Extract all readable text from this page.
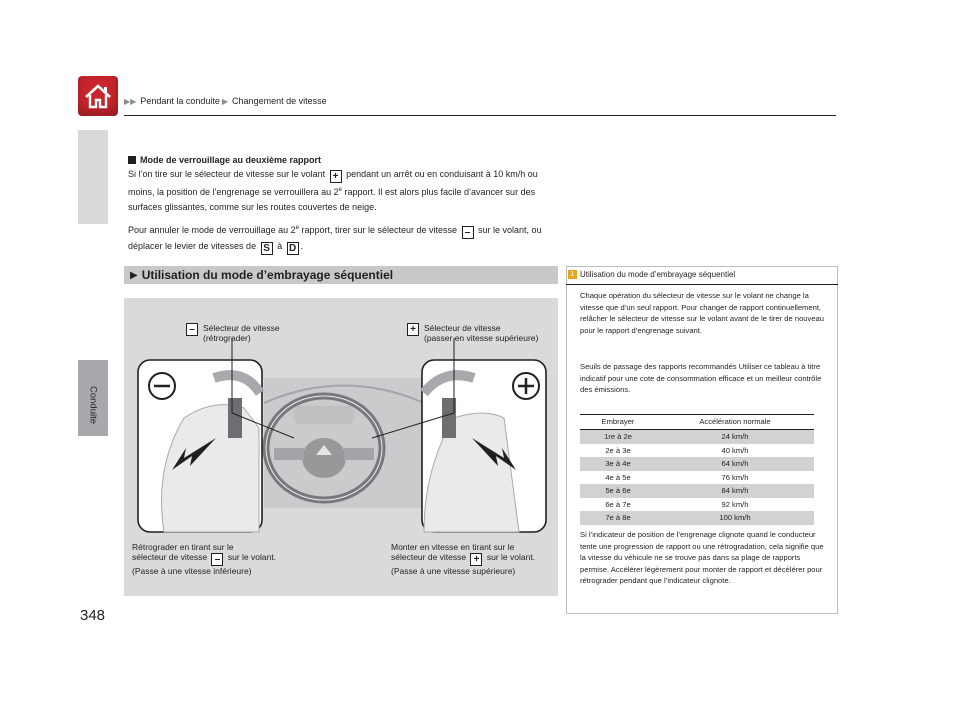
▶▶ Pendant la conduite ▶ Changement de vitesse
Conduite
348
Mode de verrouillage au deuxième rapport
Si l’on tire sur le sélecteur de vitesse sur le volant + pendant un arrêt ou en conduisant à 10 km/h ou moins, la position de l’engrenage se verrouillera au 2e rapport. Il est alors plus facile d’avancer sur des surfaces glissantes, comme sur les routes couvertes de neige.
Pour annuler le mode de verrouillage au 2e rapport, tirer sur le sélecteur de vitesse – sur le volant, ou déplacer le levier de vitesses de S à D .
▶ Utilisation du mode d’embrayage séquentiel
– Sélecteur de vitesse
(rétrograder)
+ Sélecteur de vitesse
(passer en vitesse supérieure)
Rétrograder en tirant sur le
sélecteur de vitesse – sur le volant.
(Passe à une vitesse inférieure)
Monter en vitesse en tirant sur le
sélecteur de vitesse + sur le volant.
(Passe à une vitesse supérieure)
1 Utilisation du mode d’embrayage séquentiel
Chaque opération du sélecteur de vitesse sur le volant ne change la vitesse que d’un seul rapport. Pour changer de rapport continuellement, relâcher le sélecteur de vitesse sur le volant avant de le tirer de nouveau pour le rapport d’engrenage suivant.
Seuils de passage des rapports recommandés Utiliser ce tableau à titre indicatif pour une cote de consommation efficace et un meilleur contrôle des émissions.
Embrayer	Accélération normale
1re à 2e	24 km/h
2e à 3e	40 km/h
3e à 4e	64 km/h
4e à 5e	76 km/h
5e à 6e	84 km/h
6e à 7e	92 km/h
7e à 8e	100 km/h
Si l’indicateur de position de l’engrenage clignote quand le conducteur tente une progression de rapport ou une rétrogradation, cela signifie que la vitesse du véhicule ne se trouve pas dans sa plage de rapports permise. Accélérer légèrement pour monter de rapport et décélérer pour rétrograder pendant que l’indicateur clignote.
